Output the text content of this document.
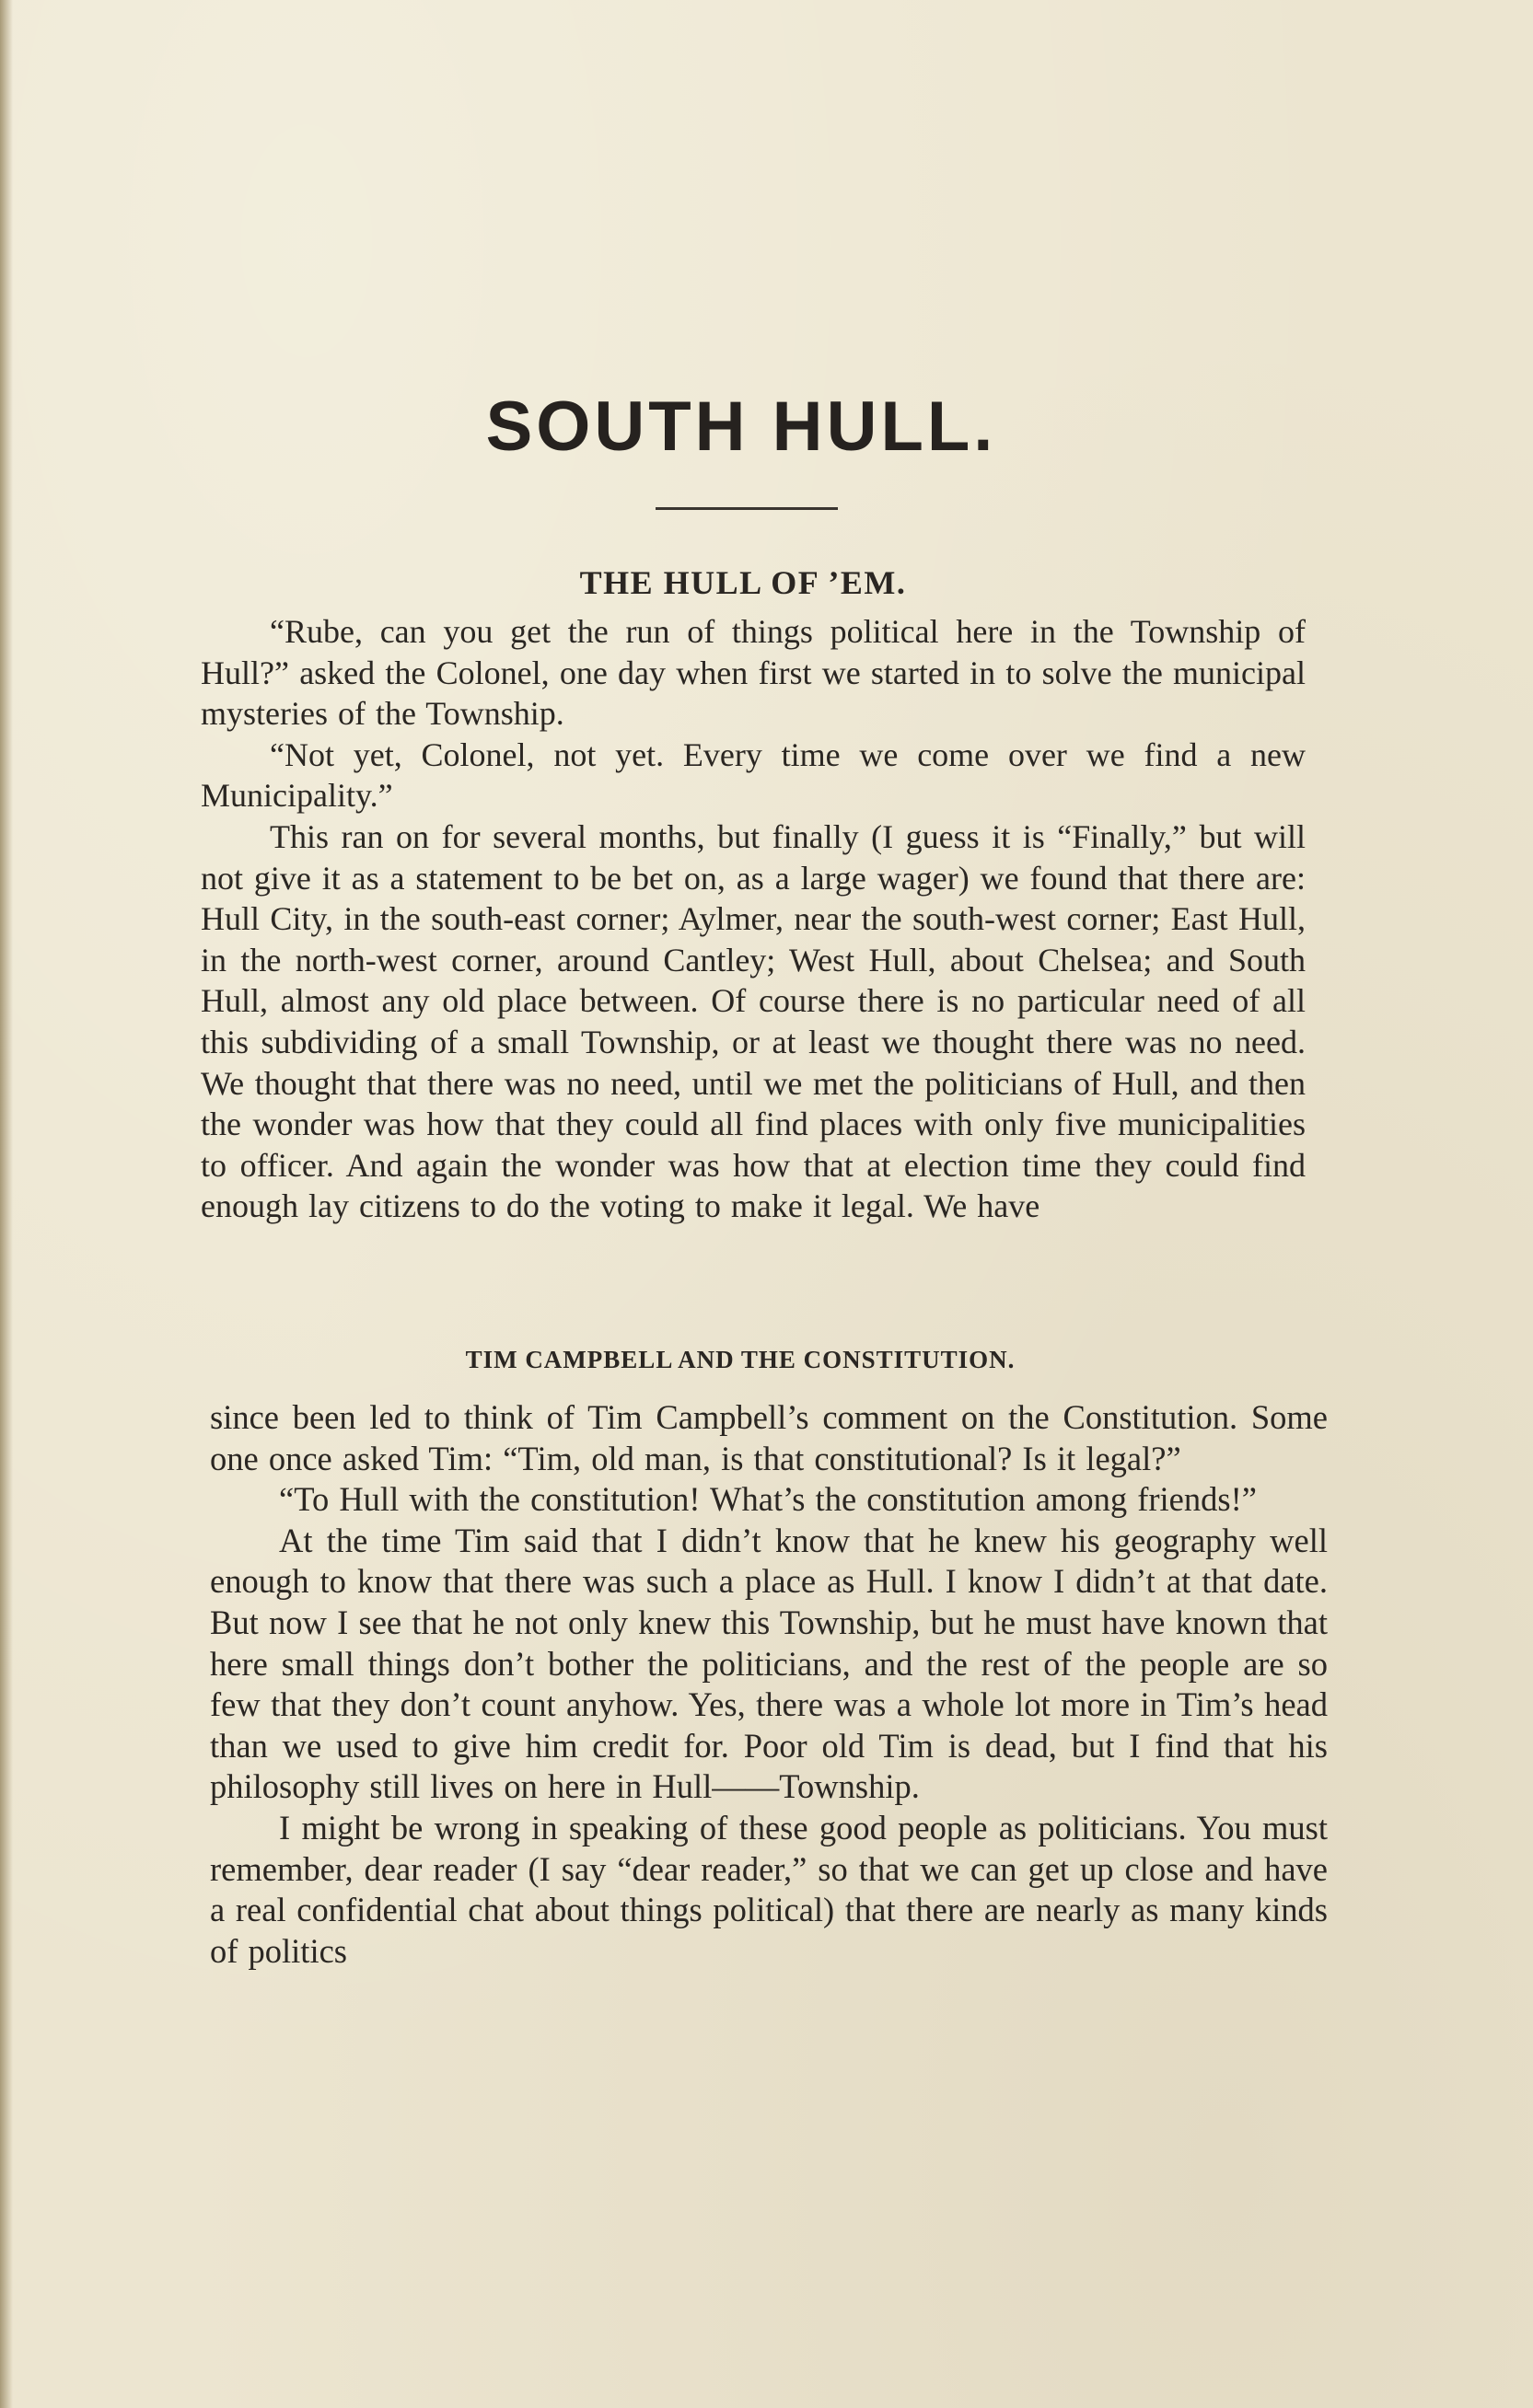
SOUTH HULL.
THE HULL OF ’EM.

“Rube, can you get the run of things political here in the Township of Hull?” asked the Colonel, one day when first we started in to solve the municipal mysteries of the Township.

“Not yet, Colonel, not yet. Every time we come over we find a new Municipality.”

This ran on for several months, but finally (I guess it is “Finally,” but will not give it as a statement to be bet on, as a large wager) we found that there are: Hull City, in the south-east corner; Aylmer, near the south-west corner; East Hull, in the north-west corner, around Cantley; West Hull, about Chelsea; and South Hull, almost any old place between. Of course there is no particular need of all this subdividing of a small Township, or at least we thought there was no need. We thought that there was no need, until we met the politicians of Hull, and then the wonder was how that they could all find places with only five municipalities to officer. And again the wonder was how that at election time they could find enough lay citizens to do the voting to make it legal. We have

TIM CAMPBELL AND THE CONSTITUTION.

since been led to think of Tim Campbell’s comment on the Constitution. Some one once asked Tim: “Tim, old man, is that constitutional? Is it legal?”

“To Hull with the constitution! What’s the constitution among friends!”

At the time Tim said that I didn’t know that he knew his geography well enough to know that there was such a place as Hull. I know I didn’t at that date. But now I see that he not only knew this Township, but he must have known that here small things don’t bother the politicians, and the rest of the people are so few that they don’t count anyhow. Yes, there was a whole lot more in Tim’s head than we used to give him credit for. Poor old Tim is dead, but I find that his philosophy still lives on here in Hull——Township.

I might be wrong in speaking of these good people as politicians. You must remember, dear reader (I say “dear reader,” so that we can get up close and have a real confidential chat about things political) that there are nearly as many kinds of politics
